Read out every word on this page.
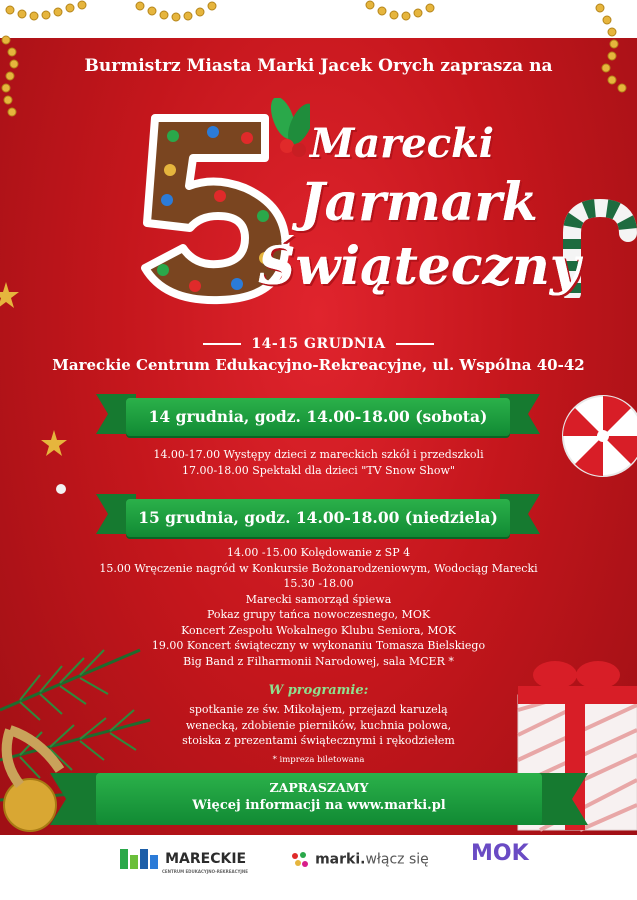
Marecki
Jarmark
Świąteczny
Burmistrz Miasta Marki Jacek Orych zaprasza na
14-15 GRUDNIA
Mareckie Centrum Edukacyjno-Rekreacyjne, ul. Wspólna 40-42
14 grudnia, godz. 14.00-18.00 (sobota)
14.00-17.00 Występy dzieci z mareckich szkół i przedszkoli
17.00-18.00 Spektakl dla dzieci "TV Snow Show"
15 grudnia, godz. 14.00-18.00 (niedziela)
14.00 -15.00 Kolędowanie z SP 4
15.00 Wręczenie nagród w Konkursie Bożonarodzeniowym, Wodociąg Marecki
15.30 -18.00
Marecki samorząd śpiewa
Pokaz grupy tańca nowoczesnego, MOK
Koncert Zespołu Wokalnego Klubu Seniora, MOK
19.00 Koncert świąteczny w wykonaniu Tomasza Bielskiego
Big Band z Filharmonii Narodowej, sala MCER *
W programie:
spotkanie ze św. Mikołajem, przejazd karuzelą
wenecką, zdobienie pierników, kuchnia polowa,
stoiska z prezentami świątecznymi i rękodziełem
* impreza biletowana
ZAPRASZAMY
Więcej informacji na www.marki.pl
MARECKIE
CENTRUM EDUKACYJNO-REKREACYJNE
marki.włącz się MOK
